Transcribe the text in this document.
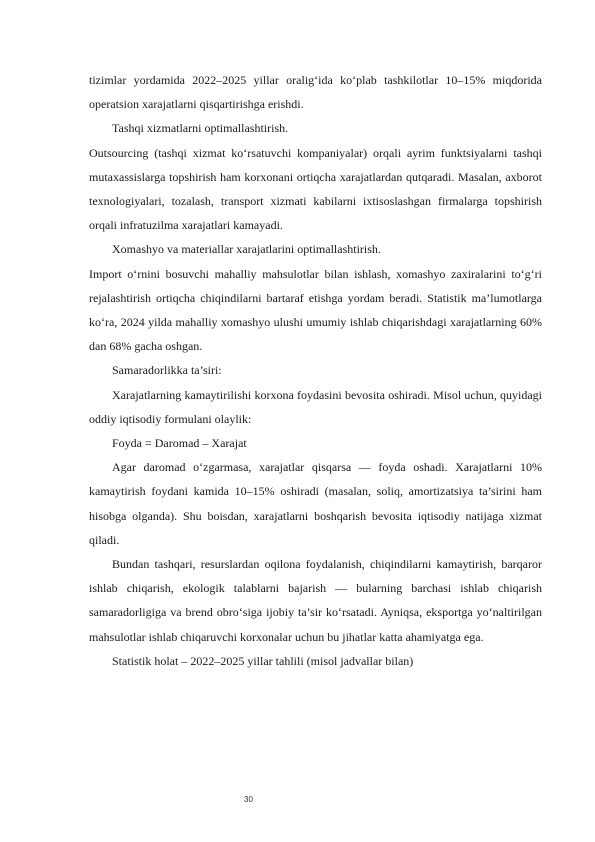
tizimlar yordamida 2022–2025 yillar oralig‘ida ko‘plab tashkilotlar 10–15% miqdorida operatsion xarajatlarni qisqartirishga erishdi.

Tashqi xizmatlarni optimallashtirish.

Outsourcing (tashqi xizmat ko‘rsatuvchi kompaniyalar) orqali ayrim funktsiyalarni tashqi mutaxassislarga topshirish ham korxonani ortiqcha xarajatlardan qutqaradi. Masalan, axborot texnologiyalari, tozalash, transport xizmati kabilarni ixtisoslashgan firmalarga topshirish orqali infratuzilma xarajatlari kamayadi.

Xomashyo va materiallar xarajatlarini optimallashtirish.

Import o‘rnini bosuvchi mahalliy mahsulotlar bilan ishlash, xomashyo zaxiralarini to‘g‘ri rejalashtirish ortiqcha chiqindilarni bartaraf etishga yordam beradi. Statistik ma’lumotlarga ko‘ra, 2024 yilda mahalliy xomashyo ulushi umumiy ishlab chiqarishdagi xarajatlarning 60% dan 68% gacha oshgan.

Samaradorlikka ta’siri:

Xarajatlarning kamaytirilishi korxona foydasini bevosita oshiradi. Misol uchun, quyidagi oddiy iqtisodiy formulani olaylik:

Foyda = Daromad – Xarajat

Agar daromad o‘zgarmasa, xarajatlar qisqarsa — foyda oshadi. Xarajatlarni 10% kamaytirish foydani kamida 10–15% oshiradi (masalan, soliq, amortizatsiya ta’sirini ham hisobga olganda). Shu boisdan, xarajatlarni boshqarish bevosita iqtisodiy natijaga xizmat qiladi.

Bundan tashqari, resurslardan oqilona foydalanish, chiqindilarni kamaytirish, barqaror ishlab chiqarish, ekologik talablarni bajarish — bularning barchasi ishlab chiqarish samaradorligiga va brend obro‘siga ijobiy ta’sir ko‘rsatadi. Ayniqsa, eksportga yo‘naltirilgan mahsulotlar ishlab chiqaruvchi korxonalar uchun bu jihatlar katta ahamiyatga ega.

Statistik holat – 2022–2025 yillar tahlili (misol jadvallar bilan)

30
